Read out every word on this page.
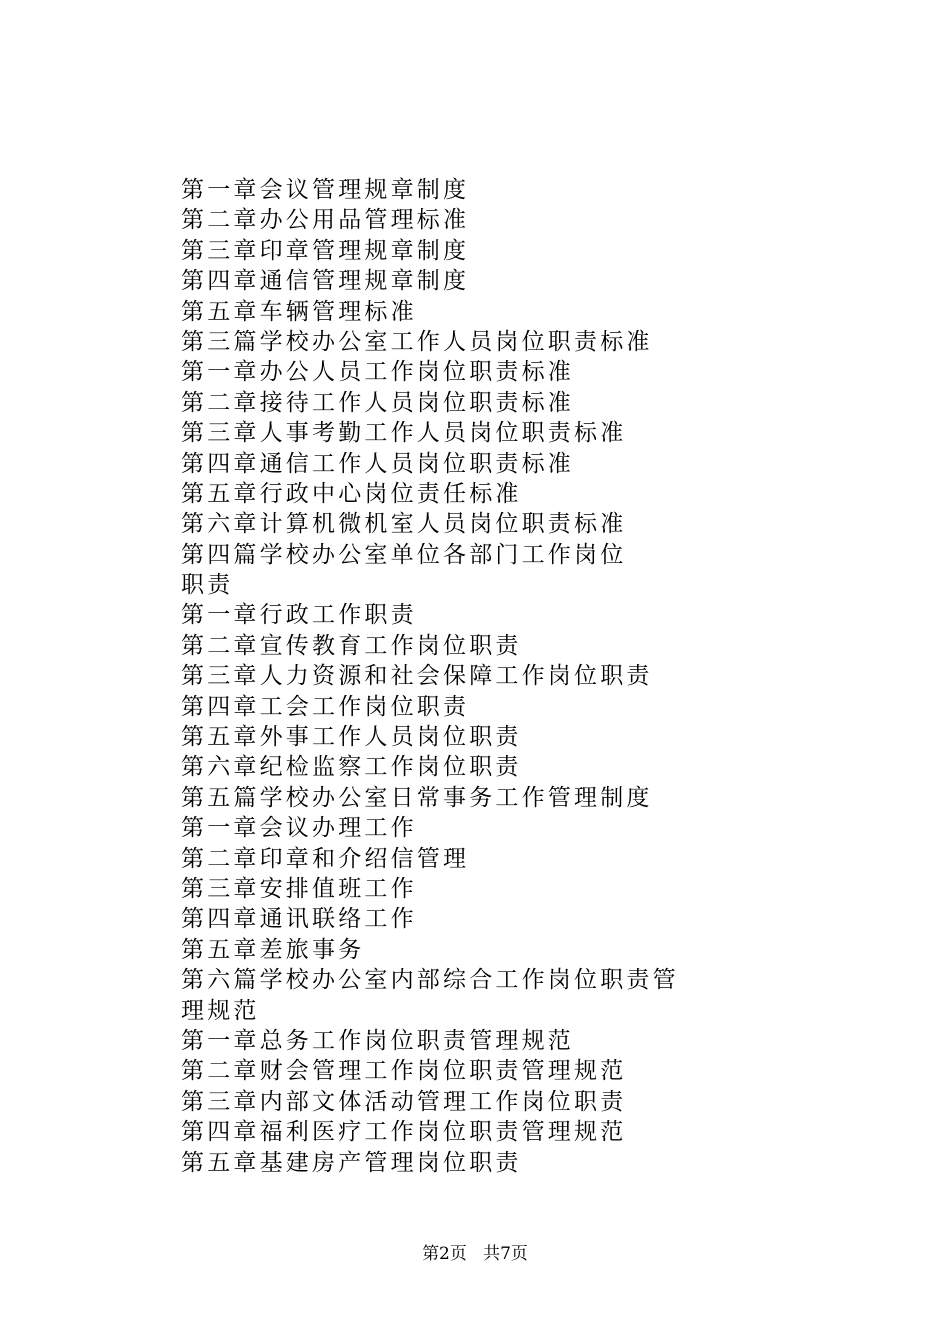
第一章会议管理规章制度
第二章办公用品管理标准
第三章印章管理规章制度
第四章通信管理规章制度
第五章车辆管理标准
第三篇学校办公室工作人员岗位职责标准
第一章办公人员工作岗位职责标准
第二章接待工作人员岗位职责标准
第三章人事考勤工作人员岗位职责标准
第四章通信工作人员岗位职责标准
第五章行政中心岗位责任标准
第六章计算机微机室人员岗位职责标准
第四篇学校办公室单位各部门工作岗位
职责
第一章行政工作职责
第二章宣传教育工作岗位职责
第三章人力资源和社会保障工作岗位职责
第四章工会工作岗位职责
第五章外事工作人员岗位职责
第六章纪检监察工作岗位职责
第五篇学校办公室日常事务工作管理制度
第一章会议办理工作
第二章印章和介绍信管理
第三章安排值班工作
第四章通讯联络工作
第五章差旅事务
第六篇学校办公室内部综合工作岗位职责管
理规范
第一章总务工作岗位职责管理规范
第二章财会管理工作岗位职责管理规范
第三章内部文体活动管理工作岗位职责
第四章福利医疗工作岗位职责管理规范
第五章基建房产管理岗位职责
第2页 共7页
